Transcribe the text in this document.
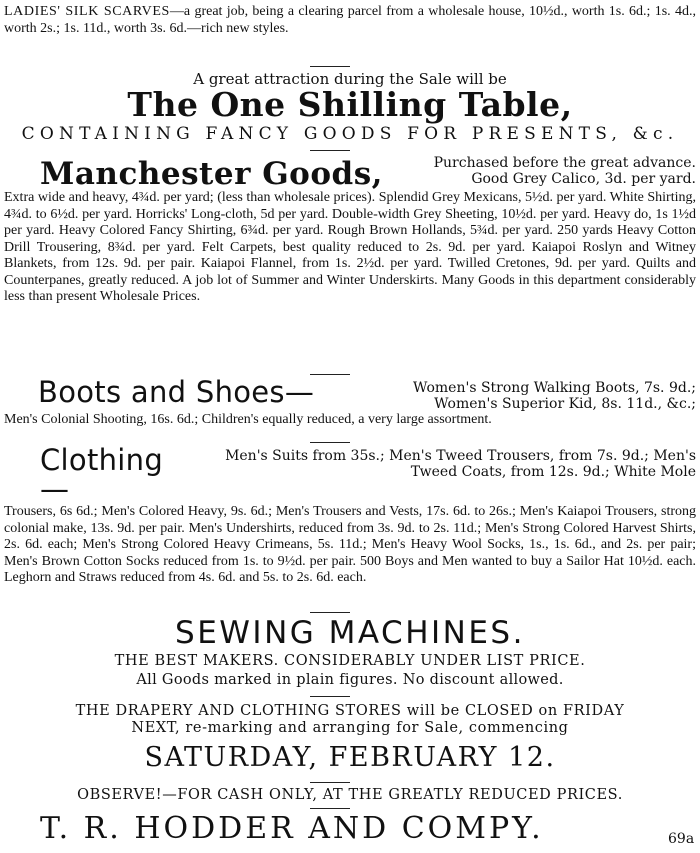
LADIES' SILK SCARVES—a great job, being a clearing parcel from a wholesale house, 10½d., worth 1s. 6d.; 1s. 4d., worth 2s.; 1s. 11d., worth 3s. 6d.—rich new styles.

A great attraction during the Sale will be
The One Shilling Table,
CONTAINING FANCY GOODS FOR PRESENTS, &c.
Manchester Goods,	Purchased before the great advance. Good Grey Calico, 3d. per yard.

Extra wide and heavy, 4¾d. per yard; (less than wholesale prices). Splendid Grey Mexicans, 5½d. per yard. White Shirting, 4¾d. to 6½d. per yard. Horricks' Long-cloth, 5d per yard. Double-width Grey Sheeting, 10½d. per yard. Heavy do, 1s 1½d per yard. Heavy Colored Fancy Shirting, 6¾d. per yard. Rough Brown Hollands, 5¾d. per yard. 250 yards Heavy Cotton Drill Trousering, 8¾d. per yard. Felt Carpets, best quality reduced to 2s. 9d. per yard. Kaiapoi Roslyn and Witney Blankets, from 12s. 9d. per pair. Kaiapoi Flannel, from 1s. 2½d. per yard. Twilled Cretones, 9d. per yard. Quilts and Counterpanes, greatly reduced. A job lot of Summer and Winter Underskirts. Many Goods in this department considerably less than present Wholesale Prices.

Boots and Shoes—	Women's Strong Walking Boots, 7s. 9d.; Women's Superior Kid, 8s. 11d., &c.;

Men's Colonial Shooting, 16s. 6d.; Children's equally reduced, a very large assortment.

Clothing—
Men's Suits from 35s.; Men's Tweed Trousers, from 7s. 9d.; Men's Tweed Coats, from 12s. 9d.; White Mole

Trousers, 6s 6d.; Men's Colored Heavy, 9s. 6d.; Men's Trousers and Vests, 17s. 6d. to 26s.; Men's Kaiapoi Trousers, strong colonial make, 13s. 9d. per pair. Men's Undershirts, reduced from 3s. 9d. to 2s. 11d.; Men's Strong Colored Harvest Shirts, 2s. 6d. each; Men's Strong Colored Heavy Crimeans, 5s. 11d.; Men's Heavy Wool Socks, 1s., 1s. 6d., and 2s. per pair; Men's Brown Cotton Socks reduced from 1s. to 9½d. per pair. 500 Boys and Men wanted to buy a Sailor Hat 10½d. each. Leghorn and Straws reduced from 4s. 6d. and 5s. to 2s. 6d. each.

SEWING MACHINES.
THE BEST MAKERS. CONSIDERABLY UNDER LIST PRICE.
All Goods marked in plain figures. No discount allowed.
THE DRAPERY AND CLOTHING STORES will be CLOSED on FRIDAY
NEXT, re-marking and arranging for Sale, commencing
SATURDAY, FEBRUARY 12.
OBSERVE!—FOR CASH ONLY, AT THE GREATLY REDUCED PRICES.
T. R. HODDER AND COMPY.	69a
